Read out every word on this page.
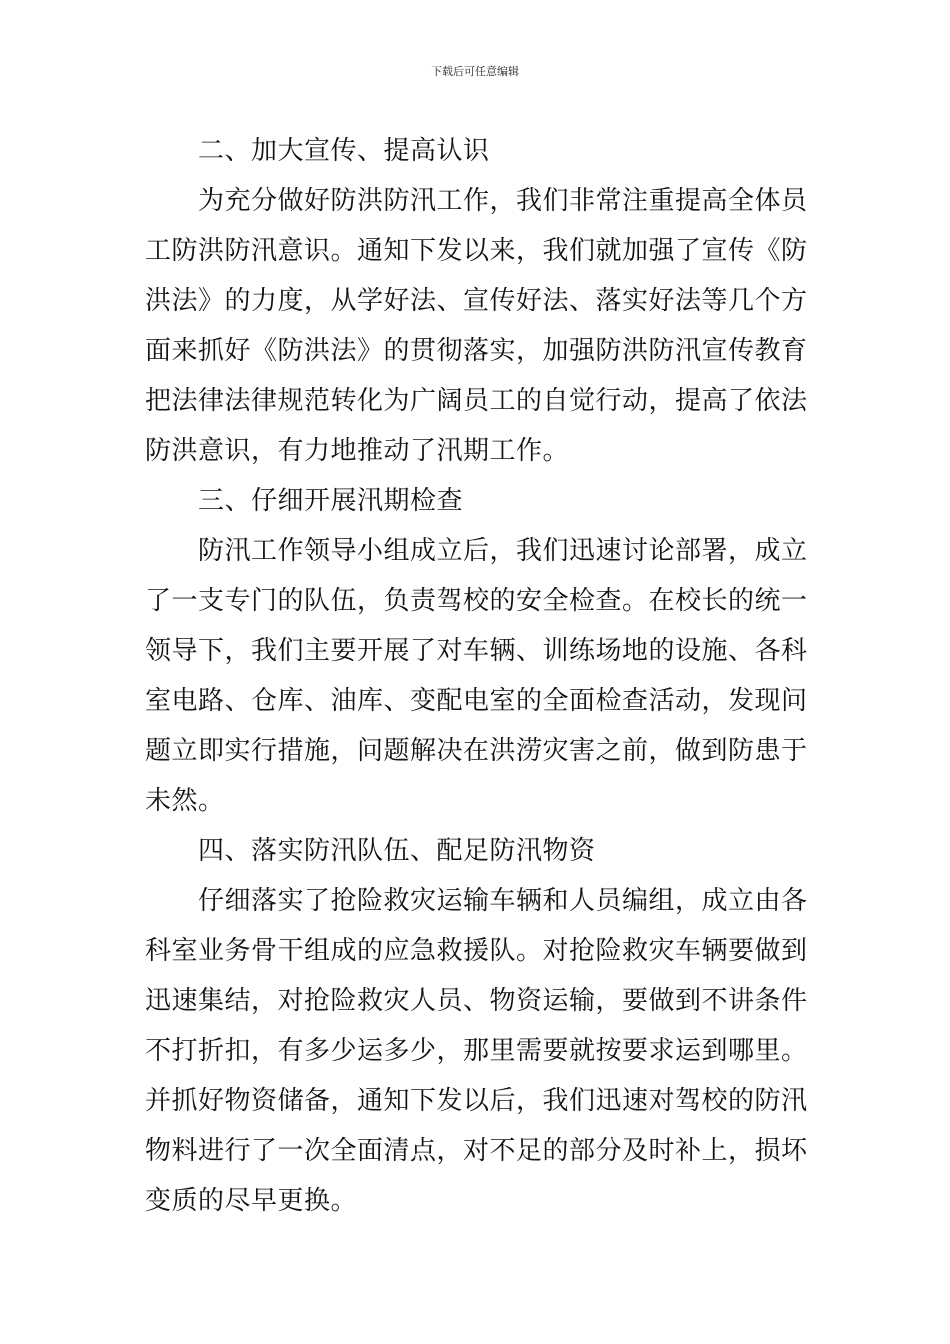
下载后可任意编辑
二、加大宣传、提高认识
为充分做好防洪防汛工作，我们非常注重提高全体员
工防洪防汛意识。通知下发以来，我们就加强了宣传《防
洪法》的力度，从学好法、宣传好法、落实好法等几个方
面来抓好《防洪法》的贯彻落实，加强防洪防汛宣传教育
把法律法律规范转化为广阔员工的自觉行动，提高了依法
防洪意识，有力地推动了汛期工作。
三、仔细开展汛期检查
防汛工作领导小组成立后，我们迅速讨论部署，成立
了一支专门的队伍，负责驾校的安全检查。在校长的统一
领导下，我们主要开展了对车辆、训练场地的设施、各科
室电路、仓库、油库、变配电室的全面检查活动，发现问
题立即实行措施，问题解决在洪涝灾害之前，做到防患于
未然。
四、落实防汛队伍、配足防汛物资
仔细落实了抢险救灾运输车辆和人员编组，成立由各
科室业务骨干组成的应急救援队。对抢险救灾车辆要做到
迅速集结，对抢险救灾人员、物资运输，要做到不讲条件
不打折扣，有多少运多少，那里需要就按要求运到哪里。
并抓好物资储备，通知下发以后，我们迅速对驾校的防汛
物料进行了一次全面清点，对不足的部分及时补上，损坏
变质的尽早更换。
